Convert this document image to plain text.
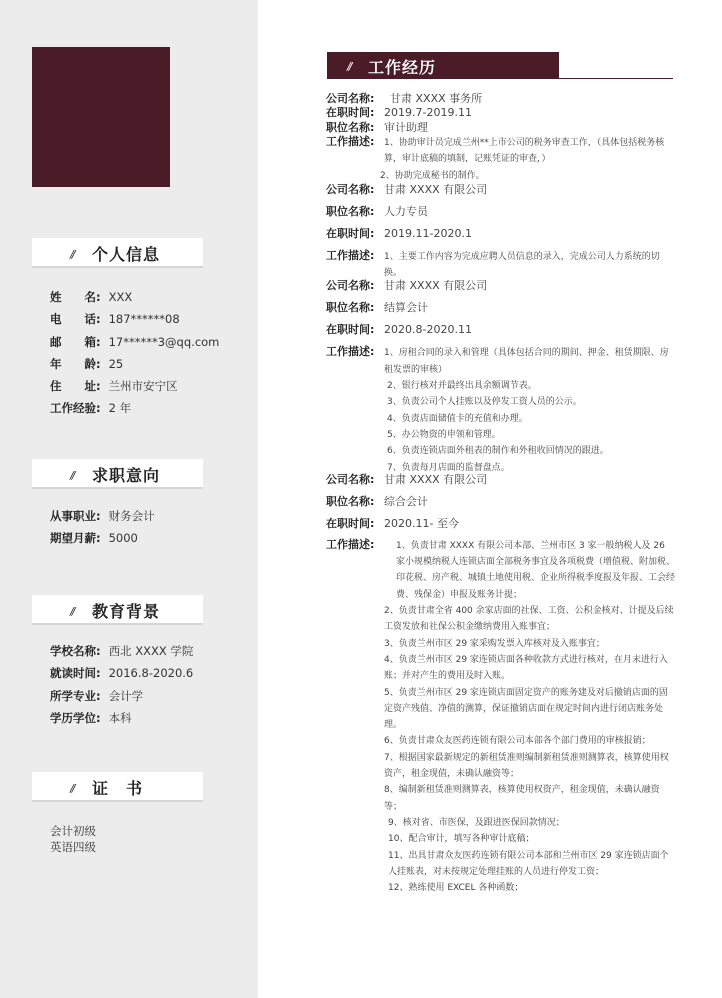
// 个人信息
姓　　名: XXX
电　　话: 187******08
邮　　箱: 17******3@qq.com
年　　龄: 25
住　　址: 兰州市安宁区
工作经验: 2 年
// 求职意向
从事职业: 财务会计
期望月薪: 5000
// 教育背景
学校名称: 西北 XXXX 学院
就读时间: 2016.8-2020.6
所学专业: 会计学
学历学位: 本科
// 证　书
会计初级
英语四级
// 工作经历
公司名称:	甘肃 XXXX 事务所
在职时间: 2019.7-2019.11
职位名称: 审计助理
工作描述:	1、协助审计员完成兰州**上市公司的税务审查工作，（具体包括税务核算，审计底稿的填制，记账凭证的审查，）
2、协助完成秘书的制作。
公司名称: 甘肃 XXXX 有限公司
职位名称: 人力专员
在职时间: 2019.11-2020.1
工作描述:	1、主要工作内容为完成应聘人员信息的录入，完成公司人力系统的切换。
公司名称: 甘肃 XXXX 有限公司
职位名称: 结算会计
在职时间: 2020.8-2020.11
工作描述:	1、房租合同的录入和管理（具体包括合同的期间、押金、租赁期限、房租发票的审核）
2、银行核对并最终出具余额调节表。
3、负责公司个人挂账以及停发工资人员的公示。
4、负责店面储值卡的充值和办理。
5、办公物资的申领和管理。
6、负责连锁店面外租表的制作和外租收回情况的跟进。
7、负责每月店面的监督盘点。
公司名称: 甘肃 XXXX 有限公司
职位名称: 综合会计
在职时间: 2020.11- 至今
工作描述:	1、负责甘肃 XXXX 有限公司本部、兰州市区 3 家一般纳税人及 26 家小规模纳税人连锁店面全部税务事宜及各项税费（增值税、附加税、印花税、房产税、城镇土地使用税、企业所得税季度报及年报、工会经费、残保金）申报及账务计提；
2、负责甘肃全省 400 余家店面的社保、工资、公积金核对、计提及后续工资发放和社保公积金缴纳费用入账事宜；
3、负责兰州市区 29 家采购发票入库核对及入账事宜；
4、负责兰州市区 29 家连锁店面各种收款方式进行核对，在月末进行入账；并对产生的费用及时入账。
5、负责兰州市区 29 家连锁店面固定资产的账务建及对后撤销店面的固定资产残值、净值的测算，保证撤销店面在规定时间内进行闭店账务处理。
6、负责甘肃众友医药连锁有限公司本部各个部门费用的审核报销；
7、根据国家最新规定的新租赁准则编制新租赁准则测算表，核算使用权资产，租金现值，未确认融资等；
8、编制新租赁准则测算表，核算使用权资产，租金现值，未确认融资等；
9、核对省、市医保，及跟进医保回款情况；
10、配合审计，填写各种审计底稿；
11、出具甘肃众友医药连锁有限公司本部和兰州市区 29 家连锁店面个人挂账表，对未按规定处理挂账的人员进行停发工资；
12、熟练使用 EXCEL 各种函数；
